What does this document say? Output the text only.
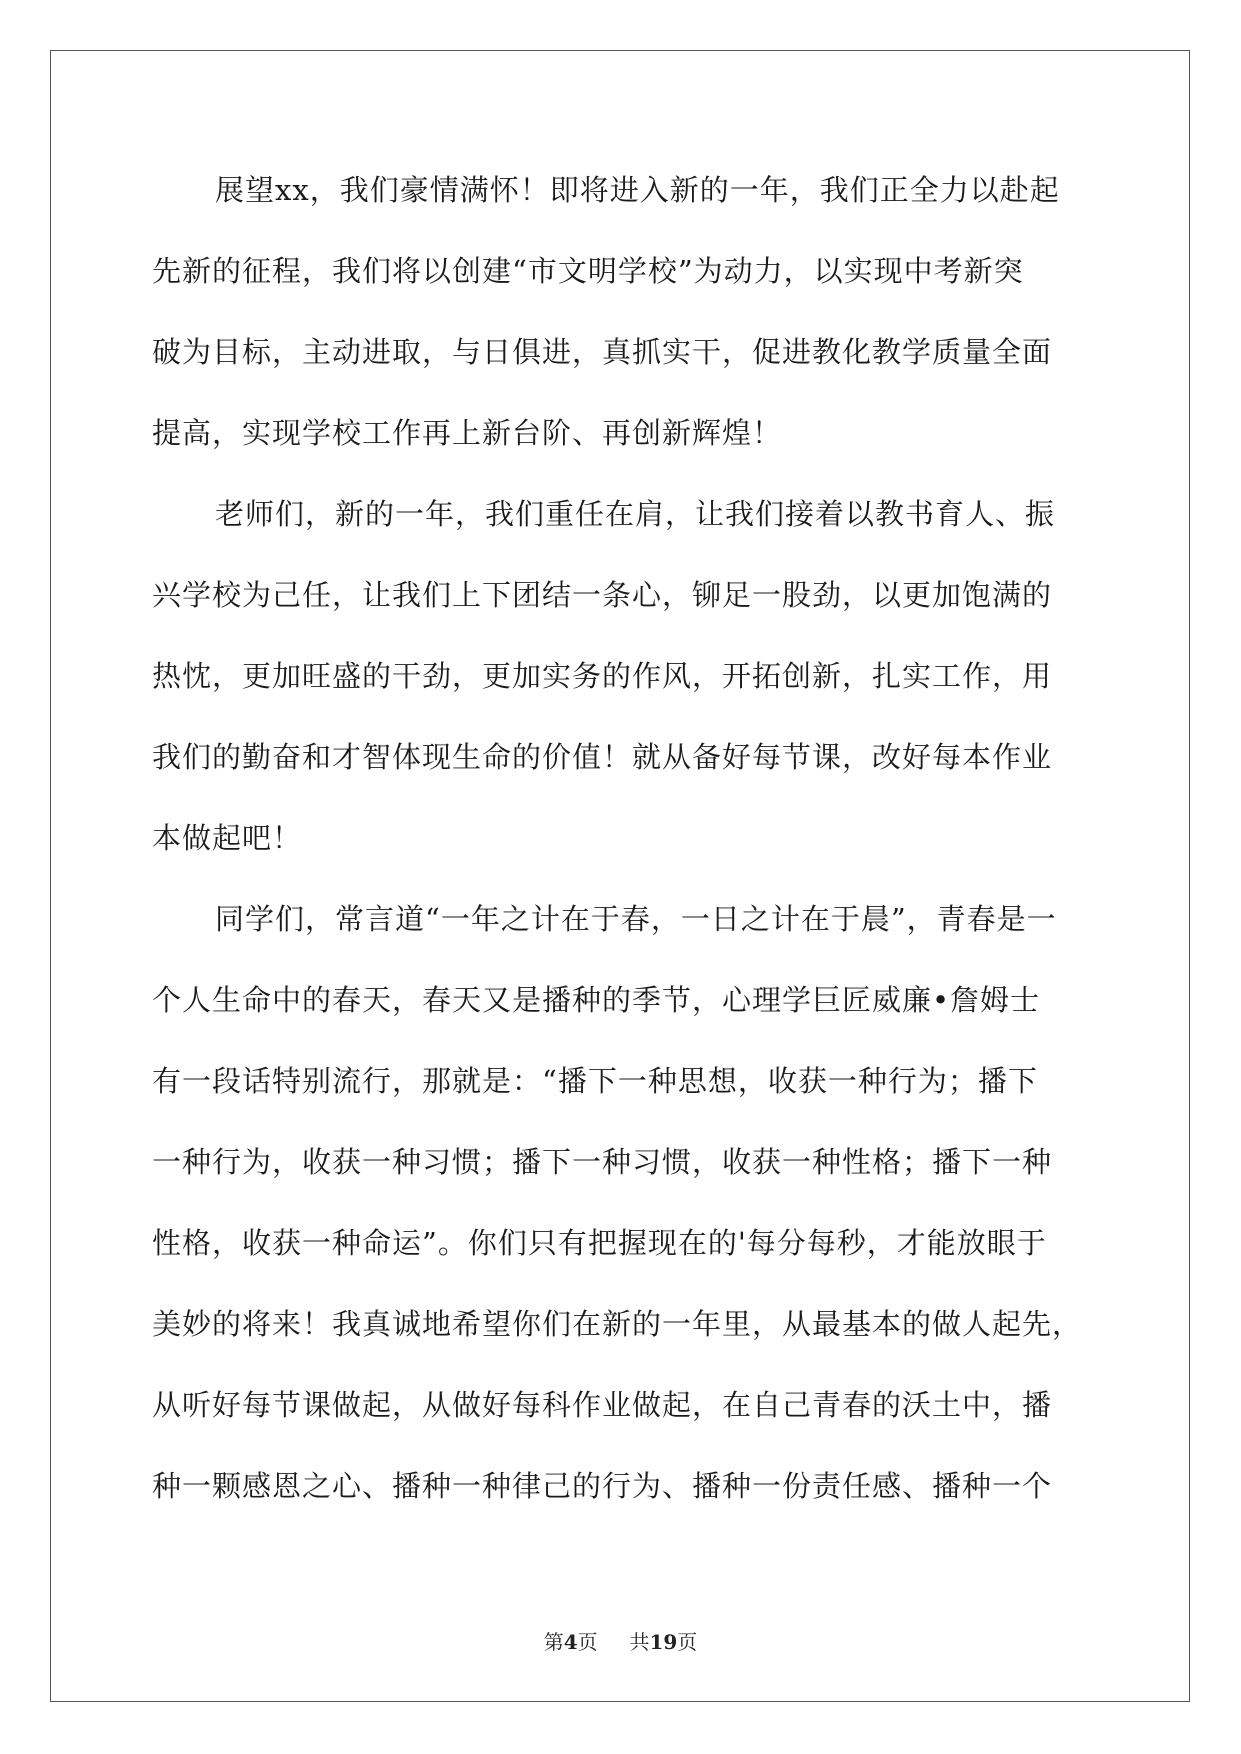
展望xx，我们豪情满怀！即将进入新的一年，我们正全力以赴起
先新的征程，我们将以创建“市文明学校”为动力，以实现中考新突
破为目标，主动进取，与日俱进，真抓实干，促进教化教学质量全面
提高，实现学校工作再上新台阶、再创新辉煌！
老师们，新的一年，我们重任在肩，让我们接着以教书育人、振
兴学校为己任，让我们上下团结一条心，铆足一股劲，以更加饱满的
热忱，更加旺盛的干劲，更加实务的作风，开拓创新，扎实工作，用
我们的勤奋和才智体现生命的价值！就从备好每节课，改好每本作业
本做起吧！
同学们，常言道“一年之计在于春，一日之计在于晨”，青春是一
个人生命中的春天，春天又是播种的季节，心理学巨匠威廉•詹姆士
有一段话特别流行，那就是：“播下一种思想，收获一种行为；播下
一种行为，收获一种习惯；播下一种习惯，收获一种性格；播下一种
性格，收获一种命运”。你们只有把握现在的'每分每秒，才能放眼于
美妙的将来！我真诚地希望你们在新的一年里，从最基本的做人起先，
从听好每节课做起，从做好每科作业做起，在自己青春的沃土中，播
种一颗感恩之心、播种一种律己的行为、播种一份责任感、播种一个
第4页 共19页
